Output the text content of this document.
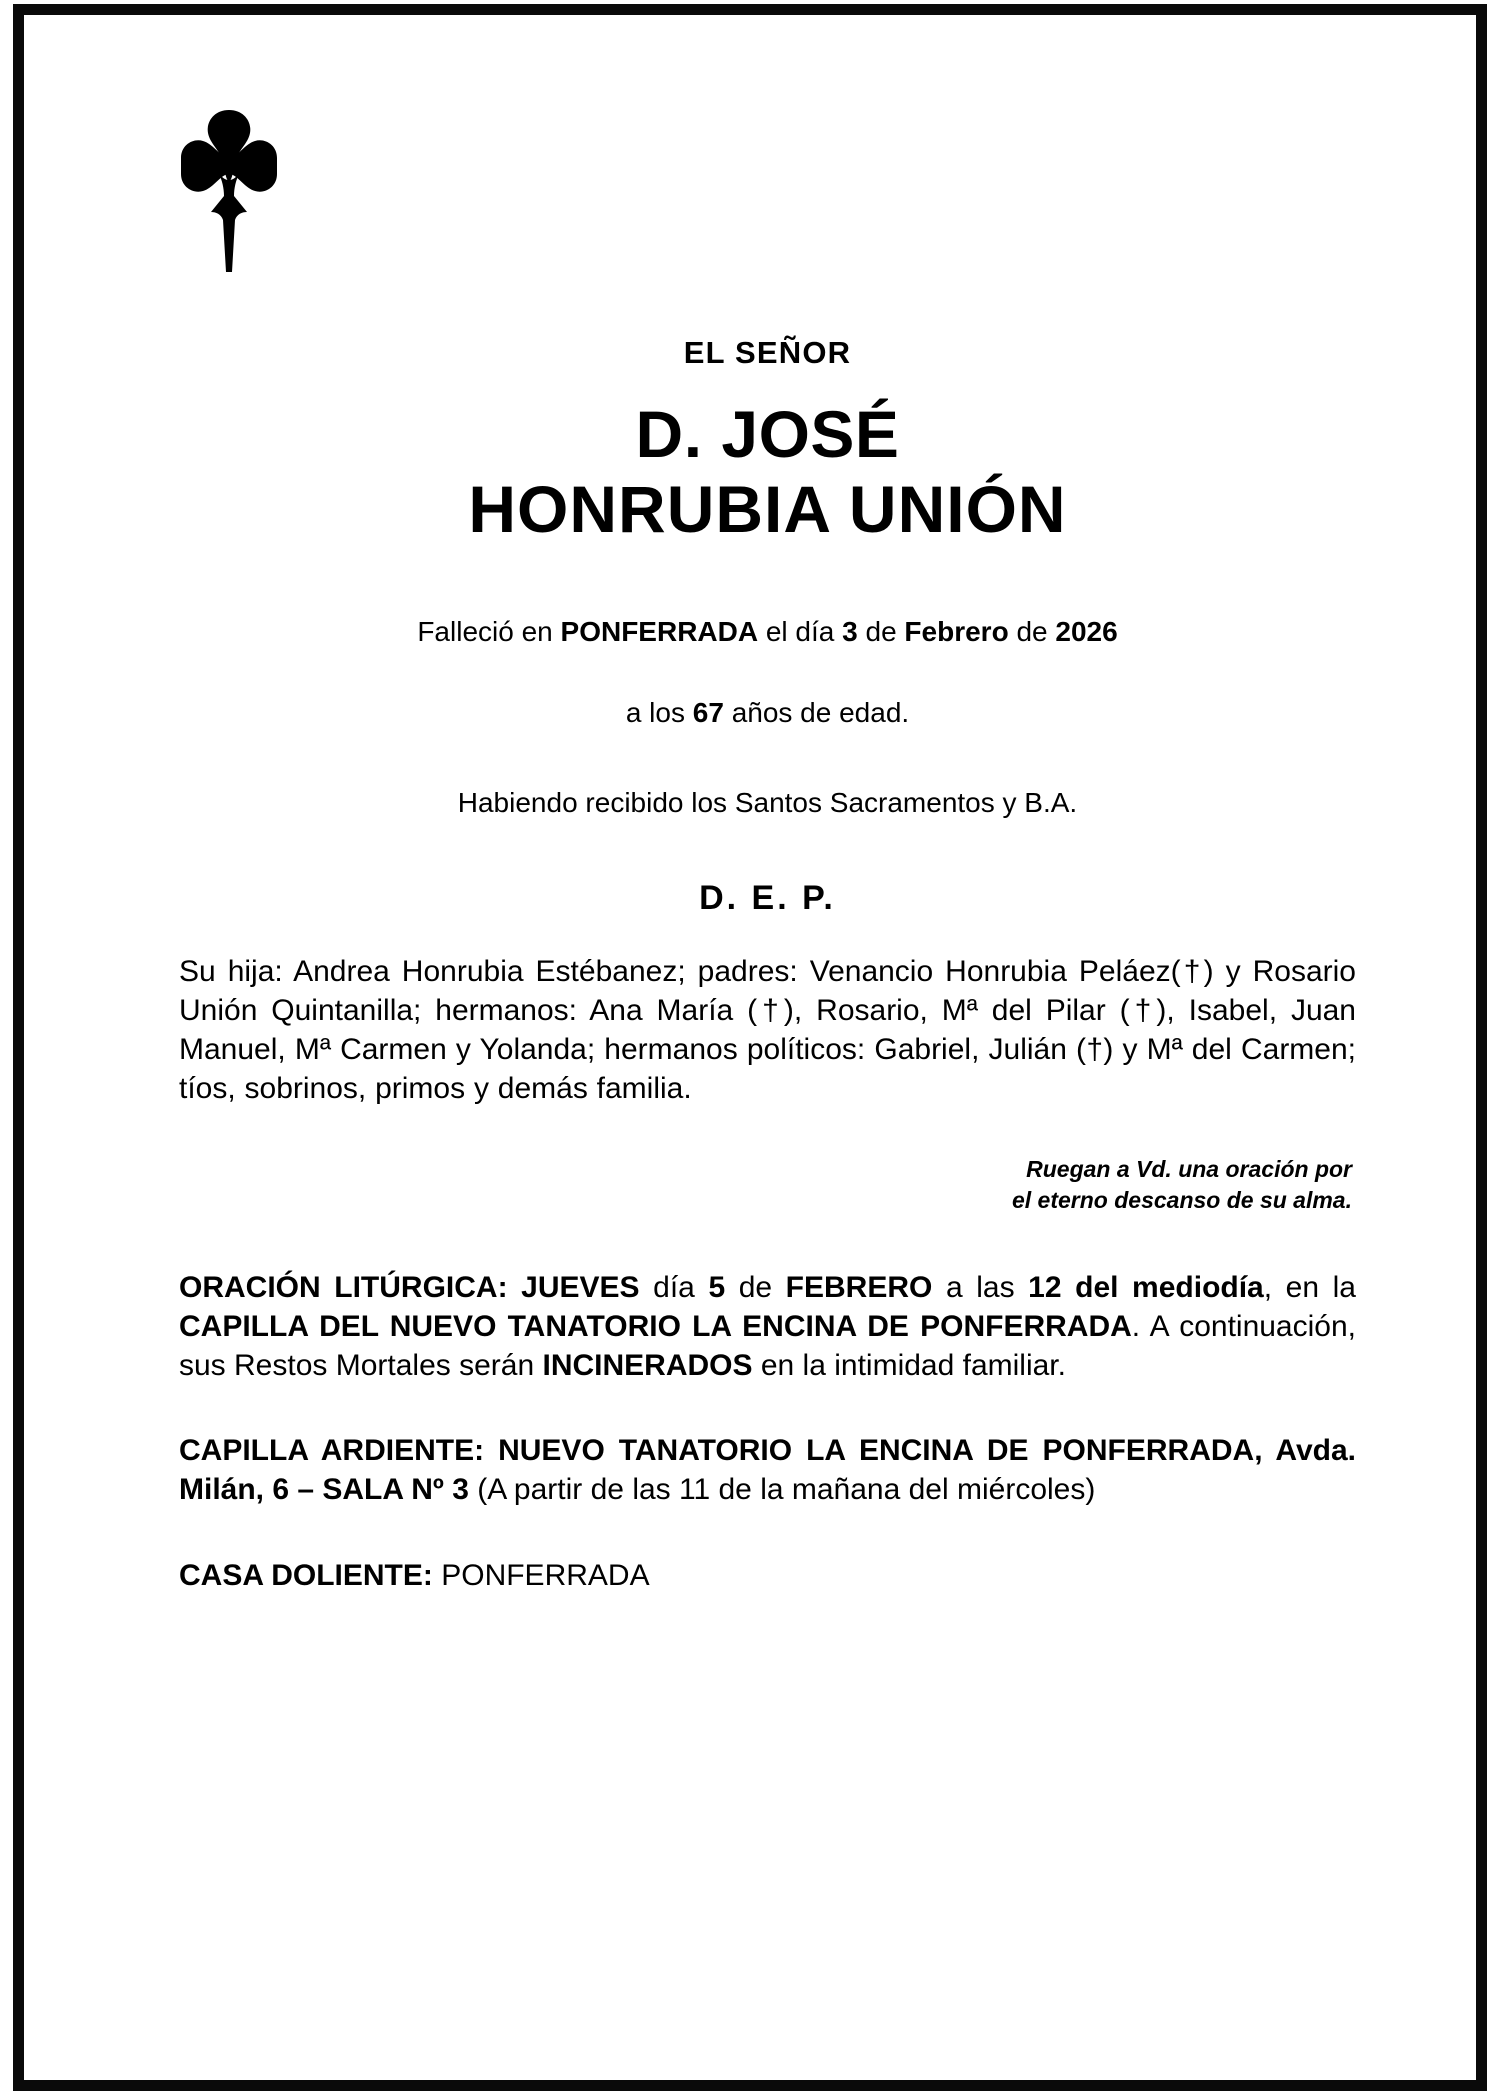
EL SEÑOR
D. JOSÉ
HONRUBIA UNIÓN

Falleció en PONFERRADA el día 3 de Febrero de 2026

a los 67 años de edad.

Habiendo recibido los Santos Sacramentos y B.A.

D. E. P.

Su hija: Andrea Honrubia Estébanez; padres: Venancio Honrubia Peláez(†) y Rosario Unión Quintanilla; hermanos: Ana María (†), Rosario, Mª del Pilar (†), Isabel, Juan Manuel, Mª Carmen y Yolanda; hermanos políticos: Gabriel, Julián (†) y Mª del Carmen; tíos, sobrinos, primos y demás familia.

Ruegan a Vd. una oración por
el eterno descanso de su alma.

ORACIÓN LITÚRGICA: JUEVES día 5 de FEBRERO a las 12 del mediodía, en la CAPILLA DEL NUEVO TANATORIO LA ENCINA DE PONFERRADA. A continuación, sus Restos Mortales serán INCINERADOS en la intimidad familiar.

CAPILLA ARDIENTE: NUEVO TANATORIO LA ENCINA DE PONFERRADA, Avda. Milán, 6 – SALA Nº 3 (A partir de las 11 de la mañana del miércoles)

CASA DOLIENTE: PONFERRADA
